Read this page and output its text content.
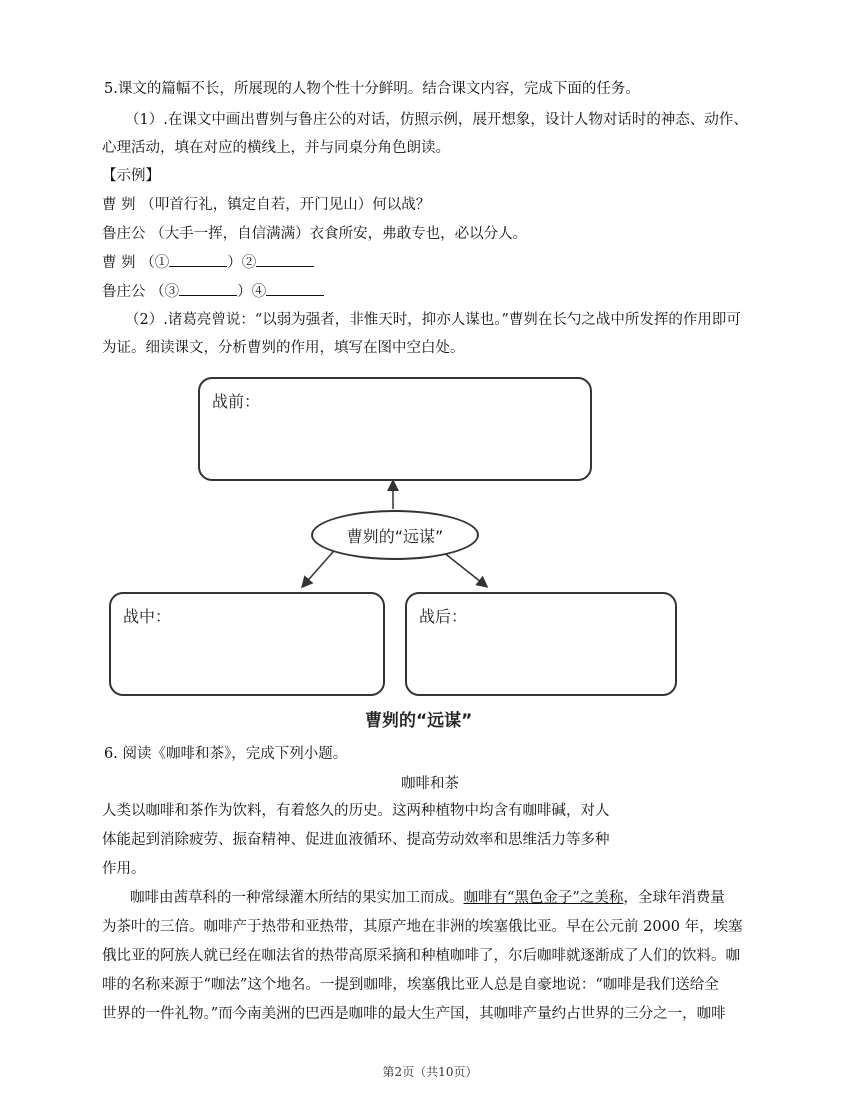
5.课文的篇幅不长，所展现的人物个性十分鲜明。结合课文内容，完成下面的任务。
（1）.在课文中画出曹刿与鲁庄公的对话，仿照示例，展开想象，设计人物对话时的神态、动作、
心理活动，填在对应的横线上，并与同桌分角色朗读。
【示例】
曹 刿 （叩首行礼，镇定自若，开门见山）何以战？
鲁庄公 （大手一挥，自信满满）衣食所安，弗敢专也，必以分人。
曹 刿 （①	）②
鲁庄公 （③	）④
（2）.诸葛亮曾说：“以弱为强者，非惟天时，抑亦人谋也。”曹刿在长勺之战中所发挥的作用即可
为证。细读课文，分析曹刿的作用，填写在图中空白处。
战前：
曹刿的“远谋”
战中：	战后：
曹刿的“远谋”
6. 阅读《咖啡和茶》，完成下列小题。
咖啡和茶
人类以咖啡和茶作为饮料，有着悠久的历史。这两种植物中均含有咖啡碱，对人
体能起到消除疲劳、振奋精神、促进血液循环、提高劳动效率和思维活力等多种
作用。
咖啡由茜草科的一种常绿灌木所结的果实加工而成。咖啡有“黑色金子”之美称，全球年消费量
为茶叶的三倍。咖啡产于热带和亚热带，其原产地在非洲的埃塞俄比亚。早在公元前 2000 年，埃塞
俄比亚的阿族人就已经在咖法省的热带高原采摘和种植咖啡了，尔后咖啡就逐渐成了人们的饮料。咖
啡的名称来源于“咖法”这个地名。一提到咖啡，埃塞俄比亚人总是自豪地说：“咖啡是我们送给全
世界的一件礼物。”而今南美洲的巴西是咖啡的最大生产国，其咖啡产量约占世界的三分之一，咖啡
第2页（共10页）
